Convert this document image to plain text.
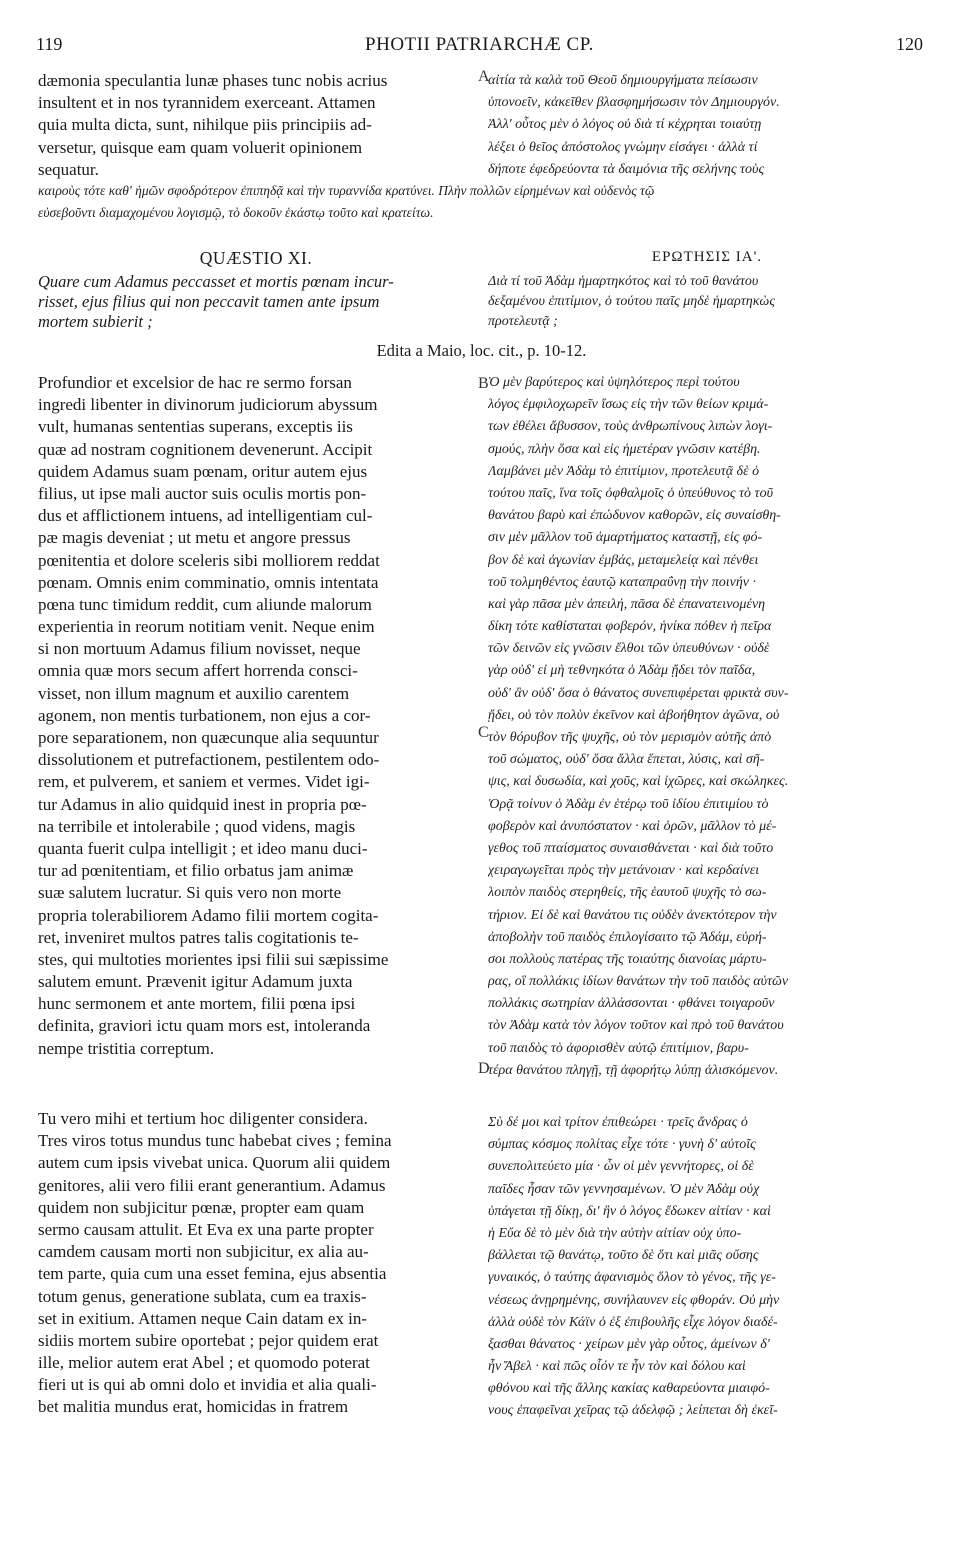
119	PHOTII PATRIARCHÆ CP.	120
A
B
C
D
dæmonia speculantia lunæ phases tunc nobis acrius
insultent et in nos tyrannidem exerceant. Attamen
quia multa dicta, sunt, nihilque piis principiis ad-
versetur, quisque eam quam voluerit opinionem
sequatur.
αἰτία τὰ καλὰ τοῦ Θεοῦ δημιουργήματα πείσωσιν
ὑπονοεῖν, κἀκεῖθεν βλασφημήσωσιν τὸν Δημιουργόν.
Ἀλλ' οὗτος μὲν ὁ λόγος οὐ διὰ τί κέχρηται τοιαύτῃ
λέξει ὁ θεῖος ἀπόστολος γνώμην εἰσάγει · ἀλλὰ τί
δήποτε ἐφεδρεύοντα τὰ δαιμόνια τῆς σελήνης τοὺς
καιροὺς τότε καθ' ἡμῶν σφοδρότερον ἐπιπηδᾷ καὶ τὴν τυραννίδα κρατύνει. Πλὴν πολλῶν εἰρημένων καὶ οὐδενὸς τῷ
εὐσεβοῦντι διαμαχομένου λογισμῷ, τὸ δοκοῦν ἑκάστῳ τοῦτο καὶ κρατείτω.
QUÆSTIO XI.	ΕΡΩΤΗΣΙΣ ΙΑ'.
Quare cum Adamus peccasset et mortis pœnam incur-
risset, ejus filius qui non peccavit tamen ante ipsum
mortem subierit ;
Διὰ τί τοῦ Ἀδὰμ ἡμαρτηκότος καὶ τὸ τοῦ θανάτου
δεξαμένου ἐπιτίμιον, ὁ τούτου παῖς μηδὲ ἡμαρτηκὼς
προτελευτᾷ ;
Edita a Maio, loc. cit., p. 10-12.
Profundior et excelsior de hac re sermo forsan
ingredi libenter in divinorum judiciorum abyssum
vult, humanas sententias superans, exceptis iis
quæ ad nostram cognitionem devenerunt. Accipit
quidem Adamus suam pœnam, oritur autem ejus
filius, ut ipse mali auctor suis oculis mortis pon-
dus et afflictionem intuens, ad intelligentiam cul-
pæ magis deveniat ; ut metu et angore pressus
pœnitentia et dolore sceleris sibi molliorem reddat
pœnam. Omnis enim comminatio, omnis intentata
pœna tunc timidum reddit, cum aliunde malorum
experientia in reorum notitiam venit. Neque enim
si non mortuum Adamus filium novisset, neque
omnia quæ mors secum affert horrenda consci-
visset, non illum magnum et auxilio carentem
agonem, non mentis turbationem, non ejus a cor-
pore separationem, non quæcunque alia sequuntur
dissolutionem et putrefactionem, pestilentem odo-
rem, et pulverem, et saniem et vermes. Videt igi-
tur Adamus in alio quidquid inest in propria pœ-
na terribile et intolerabile ; quod videns, magis
quanta fuerit culpa intelligit ; et ideo manu duci-
tur ad pœnitentiam, et filio orbatus jam animæ
suæ salutem lucratur. Si quis vero non morte
propria tolerabiliorem Adamo filii mortem cogita-
ret, inveniret multos patres talis cogitationis te-
stes, qui multoties morientes ipsi filii sui sæpissime
salutem emunt. Prævenit igitur Adamum juxta
hunc sermonem et ante mortem, filii pœna ipsi
definita, graviori ictu quam mors est, intoleranda
nempe tristitia correptum.
Tu vero mihi et tertium hoc diligenter considera.
Tres viros totus mundus tunc habebat cives ; femina
autem cum ipsis vivebat unica. Quorum alii quidem
genitores, alii vero filii erant generantium. Adamus
quidem non subjicitur pœnæ, propter eam quam
sermo causam attulit. Et Eva ex una parte propter
camdem causam morti non subjicitur, ex alia au-
tem parte, quia cum una esset femina, ejus absentia
totum genus, generatione sublata, cum ea traxis-
set in exitium. Attamen neque Cain datam ex in-
sidiis mortem subire oportebat ; pejor quidem erat
ille, melior autem erat Abel ; et quomodo poterat
fieri ut is qui ab omni dolo et invidia et alia quali-
bet malitia mundus erat, homicidas in fratrem
Ὁ μὲν βαρύτερος καὶ ὑψηλότερος περὶ τούτου
λόγος ἐμφιλοχωρεῖν ἴσως εἰς τὴν τῶν θείων κριμά-
των ἐθέλει ἄβυσσον, τοὺς ἀνθρωπίνους λιπὼν λογι-
σμούς, πλὴν ὅσα καὶ εἰς ἡμετέραν γνῶσιν κατέβη.
Λαμβάνει μὲν Ἀδὰμ τὸ ἐπιτίμιον, προτελευτᾷ δὲ ὁ
τούτου παῖς, ἵνα τοῖς ὀφθαλμοῖς ὁ ὑπεύθυνος τὸ τοῦ
θανάτου βαρὺ καὶ ἐπώδυνον καθορῶν, εἰς συναίσθη-
σιν μὲν μᾶλλον τοῦ ἁμαρτήματος καταστῇ, εἰς φό-
βον δὲ καὶ ἀγωνίαν ἐμβάς, μεταμελείᾳ καὶ πένθει
τοῦ τολμηθέντος ἑαυτῷ καταπραΰνῃ τὴν ποινήν ·
καὶ γὰρ πᾶσα μὲν ἀπειλή, πᾶσα δὲ ἐπανατεινομένη
δίκη τότε καθίσταται φοβερόν, ἡνίκα πόθεν ἡ πεῖρα
τῶν δεινῶν εἰς γνῶσιν ἔλθοι τῶν ὑπευθύνων · οὐδὲ
γὰρ οὐδ' εἰ μὴ τεθνηκότα ὁ Ἀδὰμ ᾔδει τὸν παῖδα,
οὐδ' ἂν οὐδ' ὅσα ὁ θάνατος συνεπιφέρεται φρικτὰ συν-
ᾔδει, οὐ τὸν πολὺν ἐκεῖνον καὶ ἀβοήθητον ἀγῶνα, οὐ
τὸν θόρυβον τῆς ψυχῆς, οὐ τὸν μερισμὸν αὐτῆς ἀπὸ
τοῦ σώματος, οὐδ' ὅσα ἄλλα ἕπεται, λύσις, καὶ σῆ-
ψις, καὶ δυσωδία, καὶ χοῦς, καὶ ἰχῶρες, καὶ σκώληκες.
Ὁρᾷ τοίνυν ὁ Ἀδὰμ ἐν ἑτέρῳ τοῦ ἰδίου ἐπιτιμίου τὸ
φοβερὸν καὶ ἀνυπόστατον · καὶ ὁρῶν, μᾶλλον τὸ μέ-
γεθος τοῦ πταίσματος συναισθάνεται · καὶ διὰ τοῦτο
χειραγωγεῖται πρὸς τὴν μετάνοιαν · καὶ κερδαίνει
λοιπὸν παιδὸς στερηθείς, τῆς ἑαυτοῦ ψυχῆς τὸ σω-
τήριον. Εἰ δὲ καὶ θανάτου τις οὐδὲν ἀνεκτότερον τὴν
ἀποβολὴν τοῦ παιδὸς ἐπιλογίσαιτο τῷ Ἀδάμ, εὑρή-
σοι πολλοὺς πατέρας τῆς τοιαύτης διανοίας μάρτυ-
ρας, οἳ πολλάκις ἰδίων θανάτων τὴν τοῦ παιδὸς αὐτῶν
πολλάκις σωτηρίαν ἀλλάσσονται · φθάνει τοιγαροῦν
τὸν Ἀδὰμ κατὰ τὸν λόγον τοῦτον καὶ πρὸ τοῦ θανάτου
τοῦ παιδὸς τὸ ἀφορισθὲν αὐτῷ ἐπιτίμιον, βαρυ-
τέρα θανάτου πληγῇ, τῇ ἀφορήτῳ λύπῃ ἁλισκόμενον.
Σὺ δέ μοι καὶ τρίτον ἐπιθεώρει · τρεῖς ἄνδρας ὁ
σύμπας κόσμος πολίτας εἶχε τότε · γυνὴ δ' αὐτοῖς
συνεπολιτεύετο μία · ὧν οἱ μὲν γεννήτορες, οἱ δὲ
παῖδες ἦσαν τῶν γεννησαμένων. Ὁ μὲν Ἀδὰμ οὐχ
ὑπάγεται τῇ δίκῃ, δι' ἣν ὁ λόγος ἔδωκεν αἰτίαν · καὶ
ἡ Εὔα δὲ τὸ μὲν διὰ τὴν αὐτὴν αἰτίαν οὐχ ὑπο-
βάλλεται τῷ θανάτῳ, τοῦτο δὲ ὅτι καὶ μιᾶς οὔσης
γυναικός, ὁ ταύτης ἀφανισμὸς ὅλον τὸ γένος, τῆς γε-
νέσεως ἀνῃρημένης, συνήλαυνεν εἰς φθοράν. Οὐ μὴν
ἀλλὰ οὐδὲ τὸν Κάϊν ὁ ἐξ ἐπιβουλῆς εἶχε λόγον διαδέ-
ξασθαι θάνατος · χείρων μὲν γὰρ οὗτος, ἀμείνων δ'
ἦν Ἄβελ · καὶ πῶς οἷόν τε ἦν τὸν καὶ δόλου καὶ
φθόνου καὶ τῆς ἄλλης κακίας καθαρεύοντα μιαιφό-
νους ἐπαφεῖναι χεῖρας τῷ ἀδελφῷ ; λείπεται δὴ ἐκεῖ-
